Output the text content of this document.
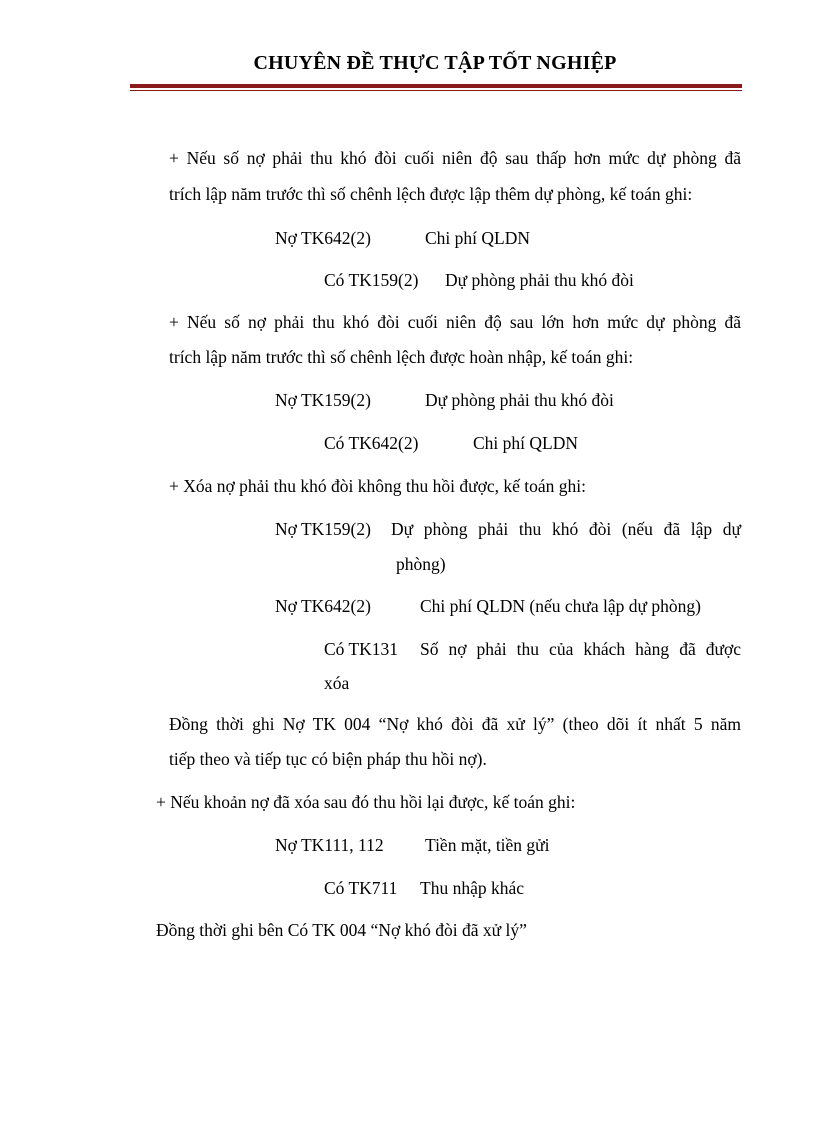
CHUYÊN ĐỀ THỰC TẬP TỐT NGHIỆP
+ Nếu số nợ phải thu khó đòi cuối niên độ sau thấp hơn mức dự phòng đã
trích lập năm trước thì số chênh lệch được lập thêm dự phòng, kế toán ghi:
Nợ TK642(2)	Chi phí QLDN
Có TK159(2) Dự phòng phải thu khó đòi
+ Nếu số nợ phải thu khó đòi cuối niên độ sau lớn hơn mức dự phòng đã
trích lập năm trước thì số chênh lệch được hoàn nhập, kế toán ghi:
Nợ TK159(2)	Dự phòng phải thu khó đòi
Có TK642(2)	Chi phí QLDN
+ Xóa nợ phải thu khó đòi không thu hồi được, kế toán ghi:
Nợ TK159(2) Dự phòng phải thu khó đòi (nếu đã lập dự
phòng)
Nợ TK642(2)	Chi phí QLDN (nếu chưa lập dự phòng)
Có TK131 Số nợ phải thu của khách hàng đã được
xóa
Đồng thời ghi Nợ TK 004 “Nợ khó đòi đã xử lý” (theo dõi ít nhất 5 năm
tiếp theo và tiếp tục có biện pháp thu hồi nợ).
+ Nếu khoản nợ đã xóa sau đó thu hồi lại được, kế toán ghi:
Nợ TK111, 112 Tiền mặt, tiền gửi
Có TK711 Thu nhập khác
Đồng thời ghi bên Có TK 004 “Nợ khó đòi đã xử lý”
